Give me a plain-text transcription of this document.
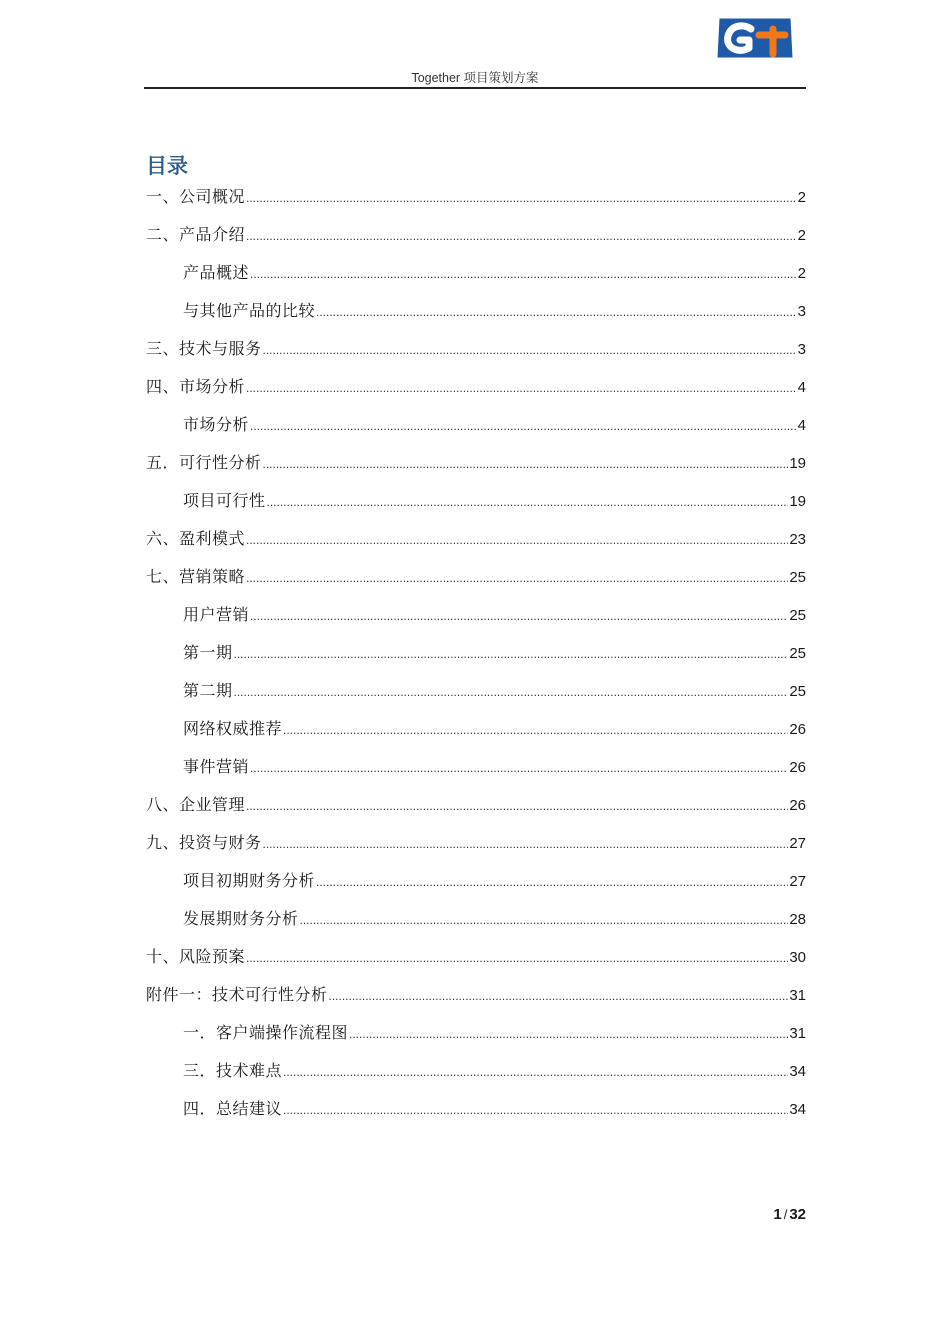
Together 项目策划方案
目录
一、公司概况 .....	2
二、产品介绍 .....	2
产品概述 .....	2
与其他产品的比较 .....	3
三、技术与服务 .....	3
四、市场分析 .....	4
市场分析 .....	4
五．可行性分析 .....	19
项目可行性 .....	19
六、盈利模式 .....	23
七、营销策略 .....	25
用户营销 .....	25
第一期 .....	25
第二期 .....	25
网络权威推荐 .....	26
事件营销 .....	26
八、企业管理 .....	26
九、投资与财务 .....	27
项目初期财务分析 .....	27
发展期财务分析 .....	28
十、风险预案 .....	30
附件一：技术可行性分析 .....	31
一．客户端操作流程图 .....	31
三．技术难点 .....	34
四．总结建议 .....	34
1 / 32
